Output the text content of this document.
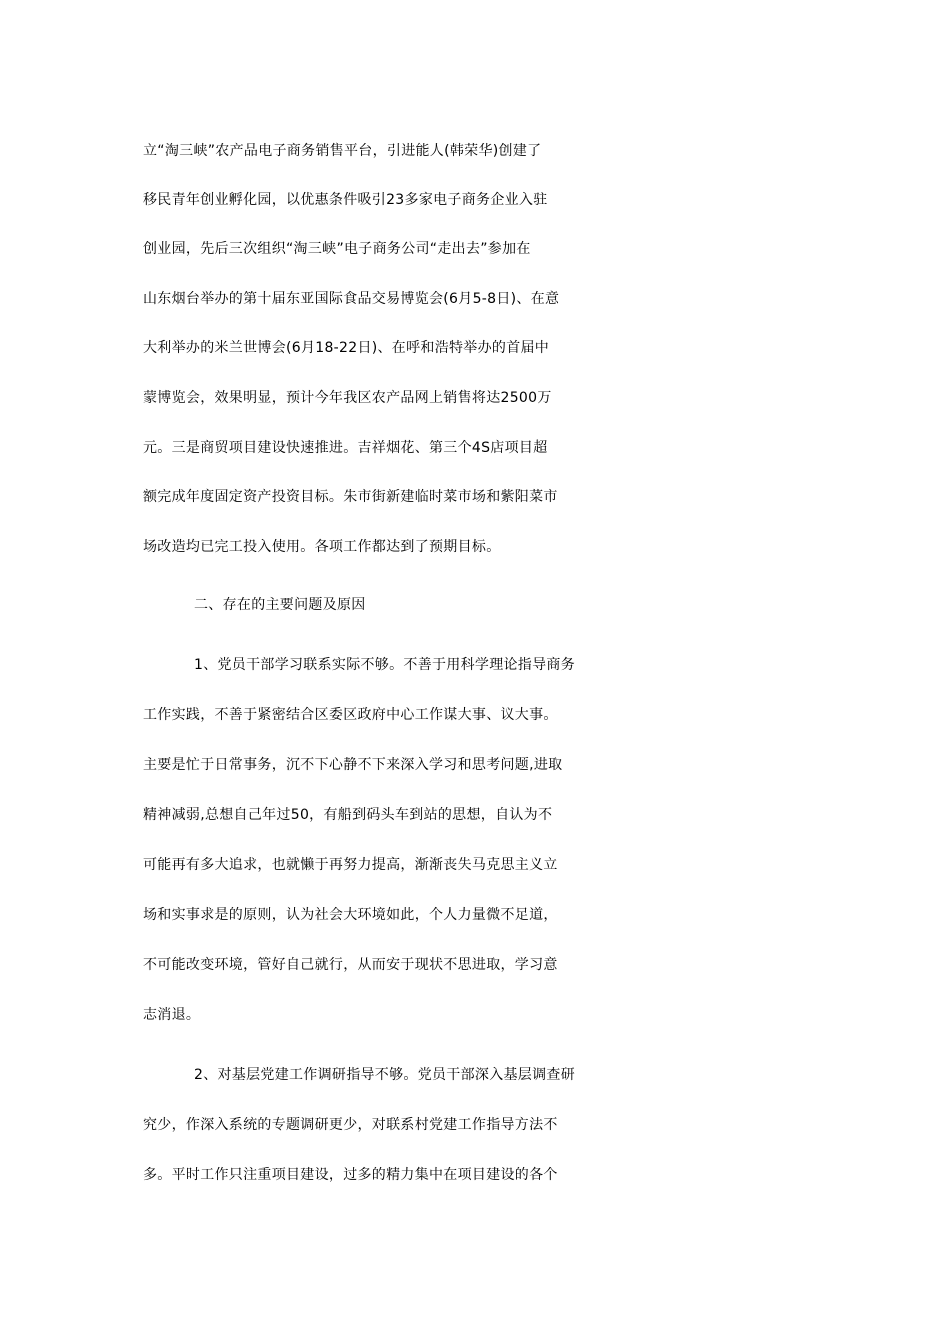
立“淘三峡”农产品电子商务销售平台，引进能人(韩荣华)创建了
移民青年创业孵化园，以优惠条件吸引23多家电子商务企业入驻
创业园，先后三次组织“淘三峡”电子商务公司“走出去”参加在
山东烟台举办的第十届东亚国际食品交易博览会(6月5-8日)、在意
大利举办的米兰世博会(6月18-22日)、在呼和浩特举办的首届中
蒙博览会，效果明显，预计今年我区农产品网上销售将达2500万
元。三是商贸项目建设快速推进。吉祥烟花、第三个4S店项目超
额完成年度固定资产投资目标。朱市街新建临时菜市场和紫阳菜市
场改造均已完工投入使用。各项工作都达到了预期目标。
二、存在的主要问题及原因
1、党员干部学习联系实际不够。不善于用科学理论指导商务
工作实践，不善于紧密结合区委区政府中心工作谋大事、议大事。
主要是忙于日常事务，沉不下心静不下来深入学习和思考问题,进取
精神减弱,总想自己年过50，有船到码头车到站的思想，自认为不
可能再有多大追求，也就懒于再努力提高，渐渐丧失马克思主义立
场和实事求是的原则，认为社会大环境如此，个人力量微不足道，
不可能改变环境，管好自己就行，从而安于现状不思进取，学习意
志消退。
2、对基层党建工作调研指导不够。党员干部深入基层调查研
究少，作深入系统的专题调研更少，对联系村党建工作指导方法不
多。平时工作只注重项目建设，过多的精力集中在项目建设的各个
